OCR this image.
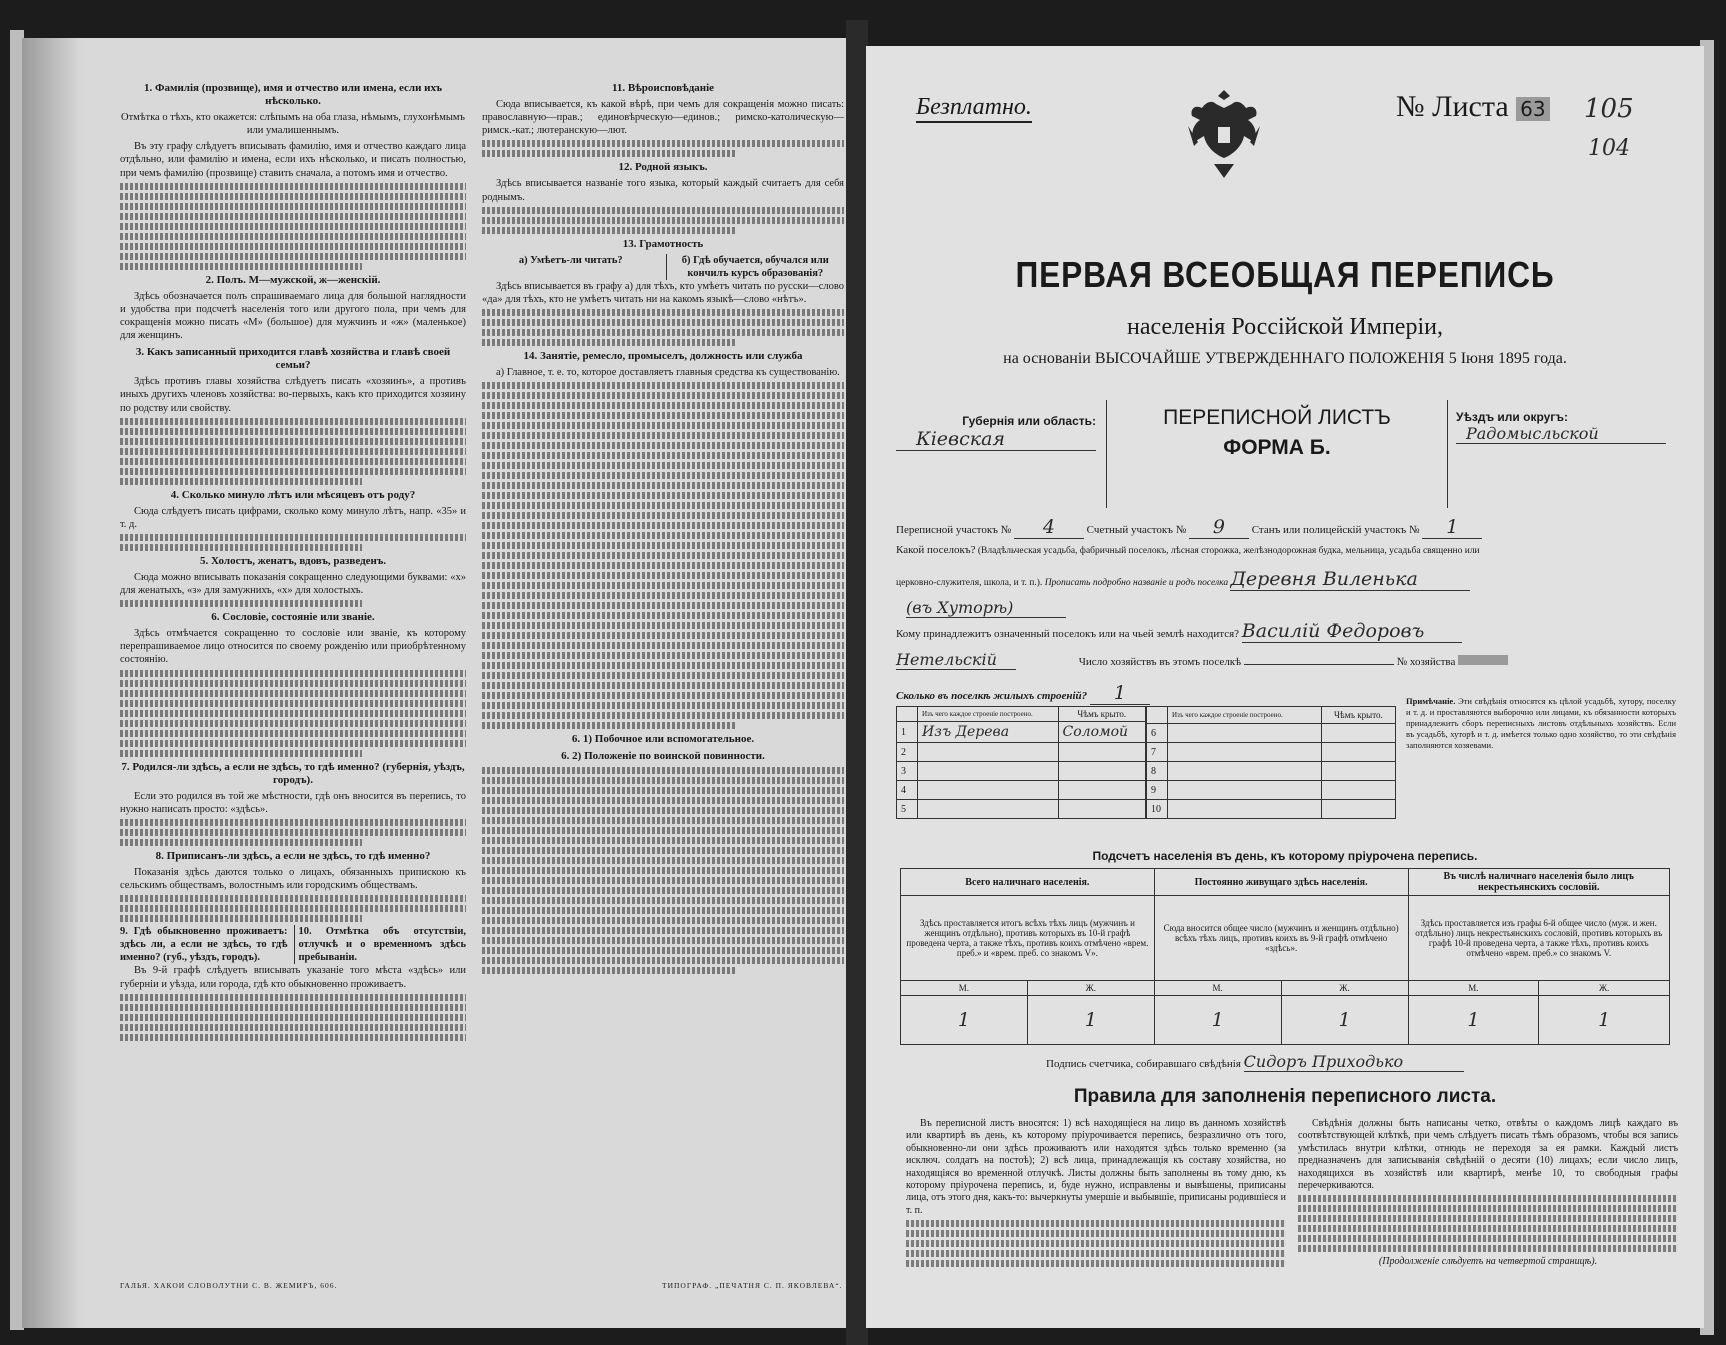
1. Фамилія (прозвище), имя и отчество или имена, если ихъ нѣсколько.
Отмѣтка о тѣхъ, кто окажется: слѣпымъ на оба глаза, нѣмымъ, глухонѣмымъ или умалишеннымъ.
Въ эту графу слѣдуетъ вписывать фамилію, имя и отчество каждаго лица отдѣльно, или фамилію и имена, если ихъ нѣсколько, и писать полностью, при чемъ фамилію (прозвище) ставить сначала, а потомъ имя и отчество.
2. Полъ. М—мужской, ж—женскій.
Здѣсь обозначается полъ спрашиваемаго лица для большой наглядности и удобства при подсчетѣ населенія того или другого пола, при чемъ для сокращенія можно писать «М» (большое) для мужчинъ и «ж» (маленькое) для женщинъ.
3. Какъ записанный приходится главѣ хозяйства и главѣ своей семьи?
Здѣсь противъ главы хозяйства слѣдуетъ писать «хозяинъ», а противъ иныхъ другихъ членовъ хозяйства: во-первыхъ, какъ кто приходится хозяину по родству или свойству.
4. Сколько минуло лѣтъ или мѣсяцевъ отъ роду?
Сюда слѣдуетъ писать цифрами, сколько кому минуло лѣтъ, напр. «35» и т. д.
5. Холостъ, женатъ, вдовъ, разведенъ.
Сюда можно вписывать показанія сокращенно следующими буквами: «х» для женатыхъ, «з» для замужнихъ, «х» для холостыхъ.
6. Сословіе, состояніе или званіе.
Здѣсь отмѣчается сокращенно то сословіе или званіе, къ которому перепрашиваемое лицо относится по своему рожденію или приобрѣтенному состоянію.
7. Родился-ли здѣсь, а если не здѣсь, то гдѣ именно? (губернія, уѣздъ, городъ).
Если это родился въ той же мѣстности, гдѣ онъ вносится въ перепись, то нужно написать просто: «здѣсь».
8. Приписанъ-ли здѣсь, а если не здѣсь, то гдѣ именно?
Показанія здѣсь даются только о лицахъ, обязанныхъ припискою къ сельскимъ обществамъ, волостнымъ или городскимъ обществамъ.
9. Гдѣ обыкновенно проживаетъ: здѣсь ли, а если не здѣсь, то гдѣ именно? (губ., уѣздъ, городъ).
10. Отмѣтка объ отсутствіи, отлучкѣ и о временномъ здѣсь пребываніи.
Въ 9-й графѣ слѣдуетъ вписывать указаніе того мѣста «здѣсь» или губерніи и уѣзда, или города, гдѣ кто обыкновенно проживаетъ.
ГАЛЬЯ. ХАКОИ СЛОВОЛУТНИ С. В. ЖЕМИРЪ, 606.
11. Вѣроисповѣданіе
Сюда вписывается, къ какой вѣрѣ, при чемъ для сокращенія можно писать: православную—прав.; единовѣрческую—единов.; римско-католическую—римск.-кат.; лютеранскую—лют.
12. Родной языкъ.
Здѣсь вписывается названіе того языка, который каждый считаетъ для себя роднымъ.
13. Грамотность
а) Умѣетъ-ли читать?	б) Гдѣ обучается, обучался или кончилъ курсъ образованія?
Здѣсь вписывается въ графу а) для тѣхъ, кто умѣетъ читать по русски—слово «да» для тѣхъ, кто не умѣетъ читать ни на какомъ языкѣ—слово «нѣтъ».
14. Занятіе, ремесло, промыселъ, должность или служба
а) Главное, т. е. то, которое доставляетъ главныя средства къ существованію.
6. 1) Побочное или вспомогательное.
6. 2) Положеніе по воинской повинности.
ТИПОГРАФ. „ПЕЧАТНЯ С. П. ЯКОВЛЕВА“.
Безплатно.	№ Листа 63 105
104
ПЕРВАЯ ВСЕОБЩАЯ ПЕРЕПИСЬ
населенія Россійской Имперіи,
на основаніи ВЫСОЧАЙШЕ УТВЕРЖДЕННАГО ПОЛОЖЕНІЯ 5 Іюня 1895 года.
Губернія или область:
Кіевская
ПЕРЕПИСНОЙ ЛИСТЪ
ФОРМА Б.
Уѣздъ или округъ:
Радомысльской
Переписной участокъ № 4	Счетный участокъ № 9 Станъ или полицейскій участокъ № 1
Какой поселокъ? (Владѣльческая усадьба, фабричный поселокъ, лѣсная сторожка, желѣзнодорожная будка, мельница, усадьба священно или
церковно-служителя, школа, и т. п.). Прописать подробно названіе и родъ поселка Деревня Виленька
(въ Хуторѣ)
Кому принадлежитъ означенный поселокъ или на чьей землѣ находится? Василій Федоровъ
Нетельскій	Число хозяйствъ въ этомъ поселкѣ	№ хозяйства
Сколько въ поселкѣ жилыхъ строеній? 1
	Изъ чего каждое строеніе построено.	Чѣмъ крыто.
1	Изъ Дерева	Соломой
2		
3		
4		
5		
	Изъ чего каждое строеніе построено.	Чѣмъ крыто.
6		
7		
8		
9		
10		
Примѣчаніе. Эти свѣдѣнія относятся къ цѣлой усадьбѣ, хутору, поселку и т. д. и проставляются выборочно или лицами, къ обязанности которыхъ принадлежитъ сборъ переписныхъ листовъ отдѣльныхъ хозяйствъ. Если въ усадьбѣ, хуторѣ и т. д. имѣется только одно хозяйство, то эти свѣдѣнія заполняются хозяевами.
Подсчетъ населенія въ день, къ которому пріурочена перепись.
Всего наличнаго населенія.		Постоянно живущаго здѣсь населенія.		Въ числѣ наличнаго населенія было лицъ некрестьянскихъ сословій.	
Здѣсь проставляется итогъ всѣхъ тѣхъ лицъ (мужчинъ и женщинъ отдѣльно), противъ которыхъ въ 10-й графѣ проведена черта, а также тѣхъ, противъ коихъ отмѣчено «врем. преб.» и «врем. преб. со знакомъ V».		Сюда вносится общее число (мужчинъ и женщинъ отдѣльно) всѣхъ тѣхъ лицъ, противъ коихъ въ 9-й графѣ отмѣчено «здѣсь».		Здѣсь проставляется изъ графы 6-й общее число (муж. и жен. отдѣльно) лицъ некрестьянскихъ сословій, противъ которыхъ въ графѣ 10-й проведена черта, а также тѣхъ, противъ коихъ отмѣчено «врем. преб.» со знакомъ V.	
М.	Ж.	М.	Ж.	М.	Ж.
1	1	1	1	1	1
Подпись счетчика, собиравшаго свѣдѣнія Сидоръ Приходько
Правила для заполненія переписного листа.
Въ переписной листъ вносятся: 1) всѣ находящіеся на лицо въ данномъ хозяйствѣ или квартирѣ въ день, къ которому пріурочивается перепись, безразлично отъ того, обыкновенно-ли они здѣсь проживаютъ или находятся здѣсь только временно (за исключ. солдатъ на постоѣ); 2) всѣ лица, принадлежащія къ составу хозяйства, но находящіяся во временной отлучкѣ. Листы должны быть заполнены въ тому дню, къ которому пріурочена перепись, и, буде нужно, исправлены и вывѣшены, приписаны лица, отъ этого дня, какъ-то: вычеркнуты умершіе и выбывшіе, приписаны родившіеся и т. п.
Свѣдѣнія должны быть написаны четко, отвѣты о каждомъ лицѣ каждаго въ соотвѣтствующей клѣткѣ, при чемъ слѣдуетъ писать тѣмъ образомъ, чтобы вся запись умѣстилась внутри клѣтки, отнюдь не переходя за ея рамки. Каждый листъ предназначенъ для записыванія свѣдѣній о десяти (10) лицахъ; если число лицъ, находящихся въ хозяйствѣ или квартирѣ, менѣе 10, то свободныя графы перечеркиваются.
(Продолженіе слѣдуетъ на четвертой страницѣ).
